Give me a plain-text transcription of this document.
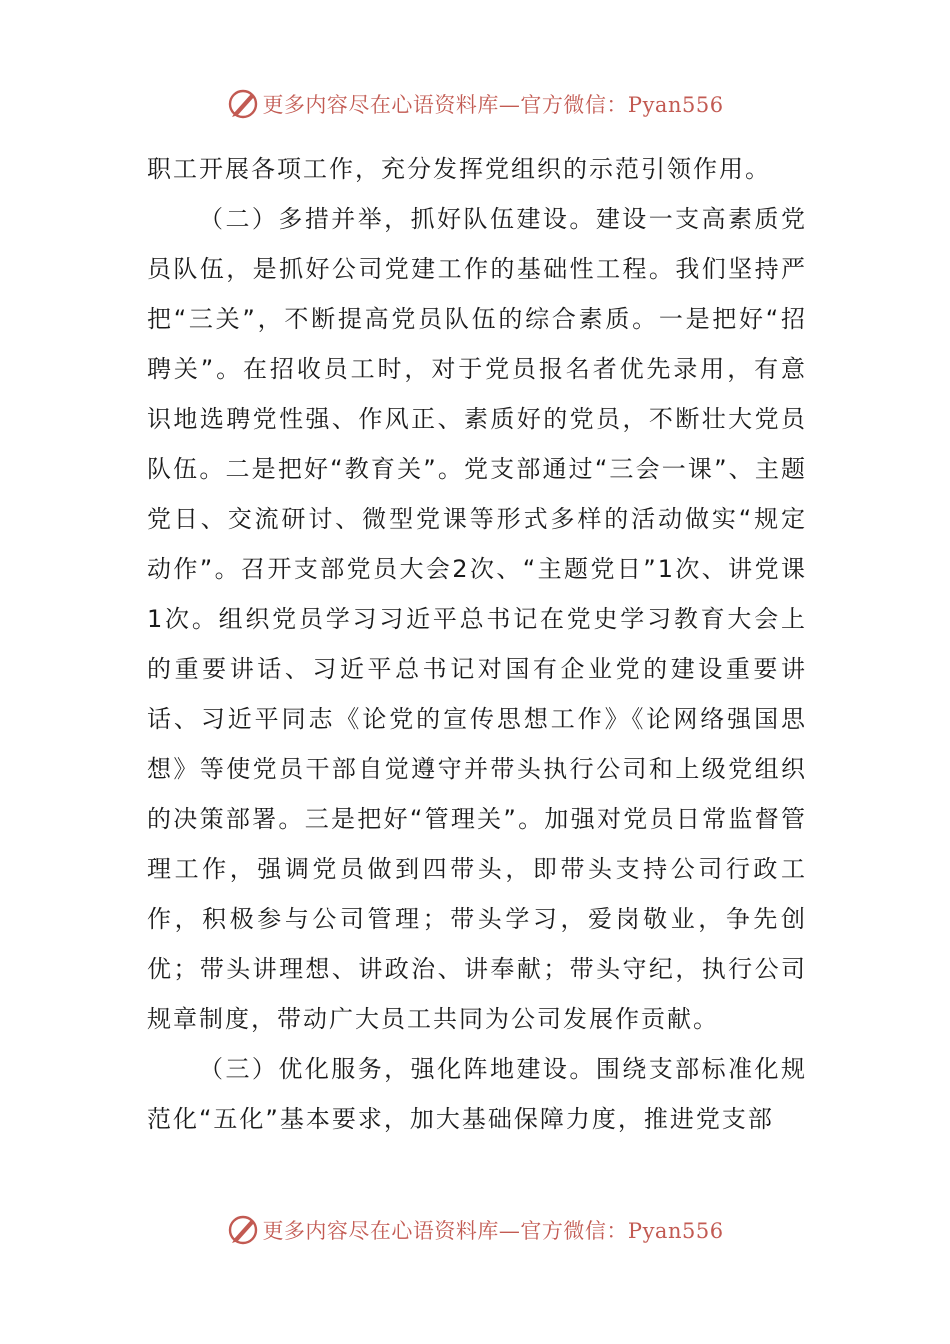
更多内容尽在心语资料库—官方微信：Pyan556

职工开展各项工作，充分发挥党组织的示范引领作用。

（二）多措并举，抓好队伍建设。建设一支高素质党员队伍，是抓好公司党建工作的基础性工程。我们坚持严把“三关”，不断提高党员队伍的综合素质。一是把好“招聘关”。在招收员工时，对于党员报名者优先录用，有意识地选聘党性强、作风正、素质好的党员，不断壮大党员队伍。二是把好“教育关”。党支部通过“三会一课”、主题党日、交流研讨、微型党课等形式多样的活动做实“规定动作”。召开支部党员大会2次、“主题党日”1次、讲党课1次。组织党员学习习近平总书记在党史学习教育大会上的重要讲话、习近平总书记对国有企业党的建设重要讲话、习近平同志《论党的宣传思想工作》《论网络强国思想》等使党员干部自觉遵守并带头执行公司和上级党组织的决策部署。三是把好“管理关”。加强对党员日常监督管理工作，强调党员做到四带头，即带头支持公司行政工作，积极参与公司管理；带头学习，爱岗敬业，争先创优；带头讲理想、讲政治、讲奉献；带头守纪，执行公司规章制度，带动广大员工共同为公司发展作贡献。

（三）优化服务，强化阵地建设。围绕支部标准化规范化“五化”基本要求，加大基础保障力度，推进党支部

更多内容尽在心语资料库—官方微信：Pyan556
